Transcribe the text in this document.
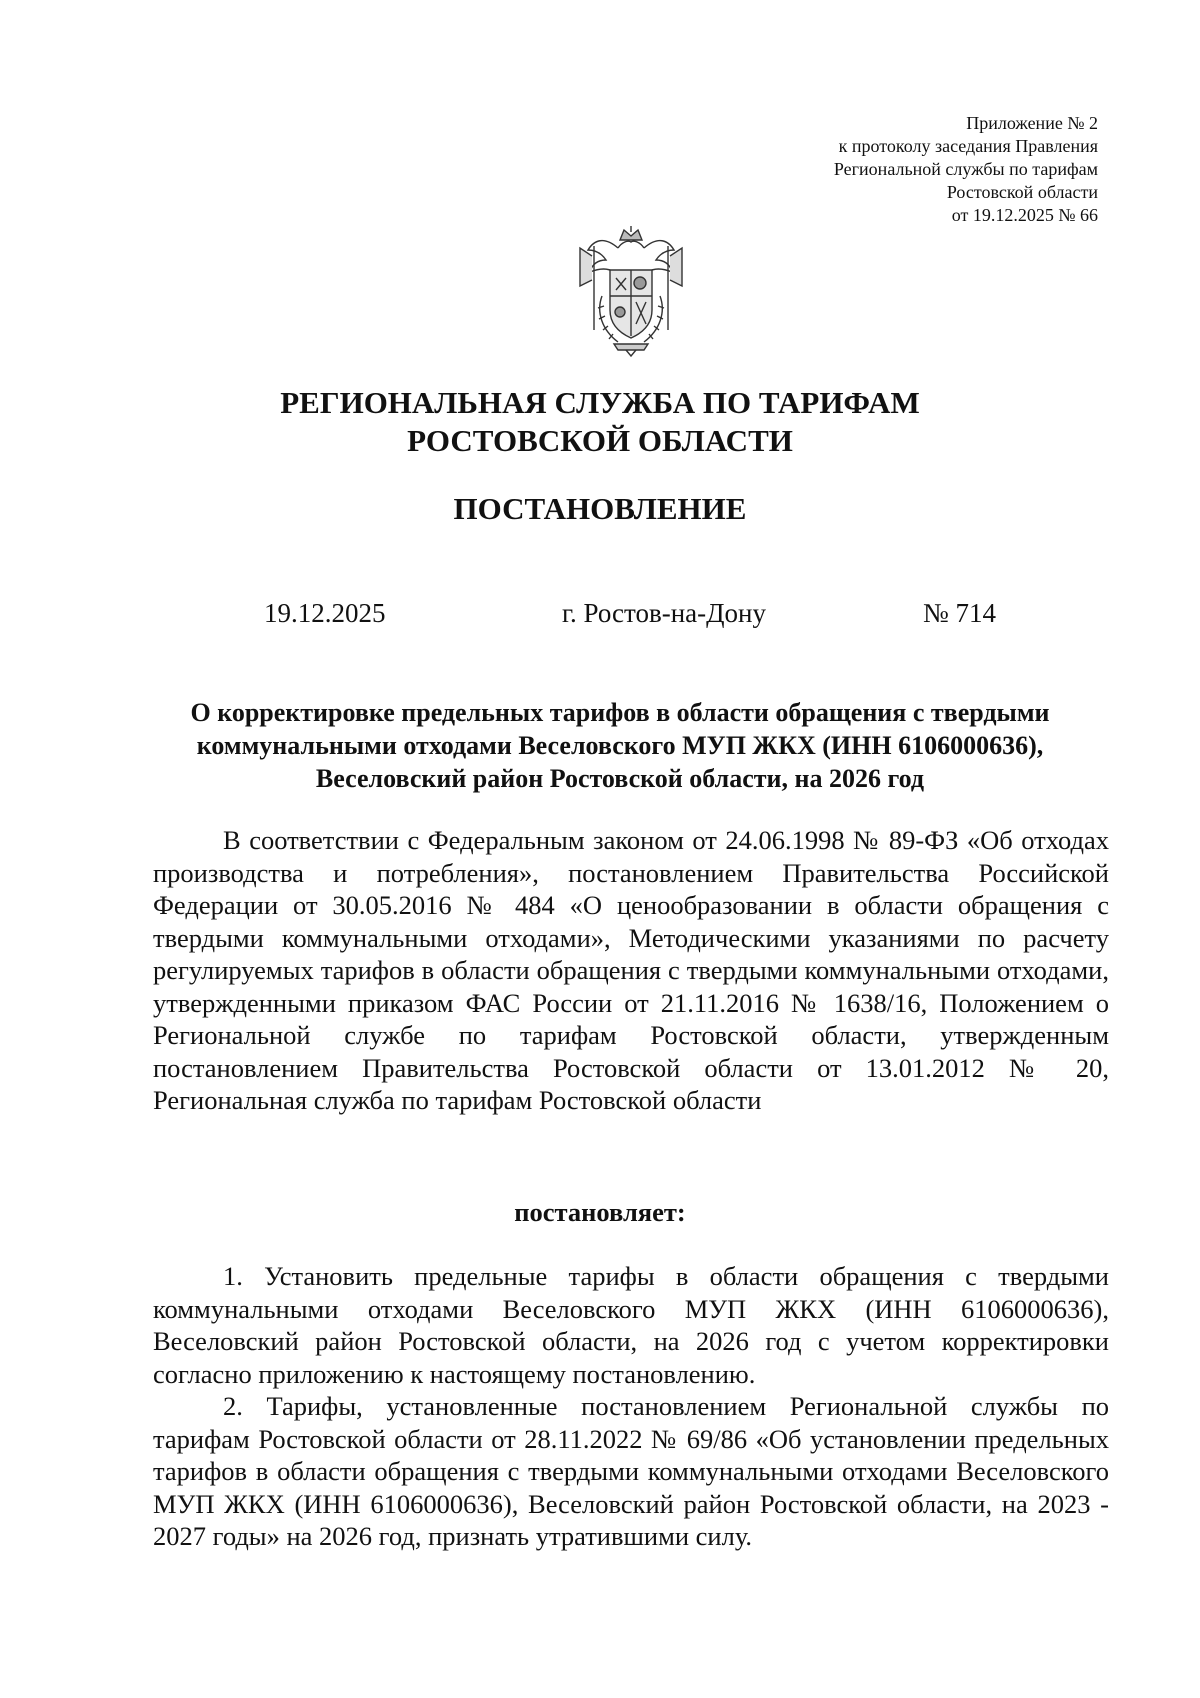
Приложение № 2
к протоколу заседания Правления
Региональной службы по тарифам
Ростовской области
от 19.12.2025 № 66
РЕГИОНАЛЬНАЯ СЛУЖБА ПО ТАРИФАМ
РОСТОВСКОЙ ОБЛАСТИ
ПОСТАНОВЛЕНИЕ
19.12.2025	г. Ростов-на-Дону	№ 714
О корректировке предельных тарифов в области обращения с твердыми
коммунальными отходами Веселовского МУП ЖКХ (ИНН 6106000636),
Веселовский район Ростовской области, на 2026 год
В соответствии с Федеральным законом от 24.06.1998 № 89-ФЗ «Об отходах производства и потребления», постановлением Правительства Российской Федерации от 30.05.2016 № 484 «О ценообразовании в области обращения с твердыми коммунальными отходами», Методическими указаниями по расчету регулируемых тарифов в области обращения с твердыми коммунальными отходами, утвержденными приказом ФАС России от 21.11.2016 № 1638/16, Положением о Региональной службе по тарифам Ростовской области, утвержденным постановлением Правительства Ростовской области от 13.01.2012 № 20, Региональная служба по тарифам Ростовской области
постановляет:
1. Установить предельные тарифы в области обращения с твердыми коммунальными отходами Веселовского МУП ЖКХ (ИНН 6106000636), Веселовский район Ростовской области, на 2026 год с учетом корректировки согласно приложению к настоящему постановлению.
2. Тарифы, установленные постановлением Региональной службы по тарифам Ростовской области от 28.11.2022 № 69/86 «Об установлении предельных тарифов в области обращения с твердыми коммунальными отходами Веселовского МУП ЖКХ (ИНН 6106000636), Веселовский район Ростовской области, на 2023 - 2027 годы» на 2026 год, признать утратившими силу.
